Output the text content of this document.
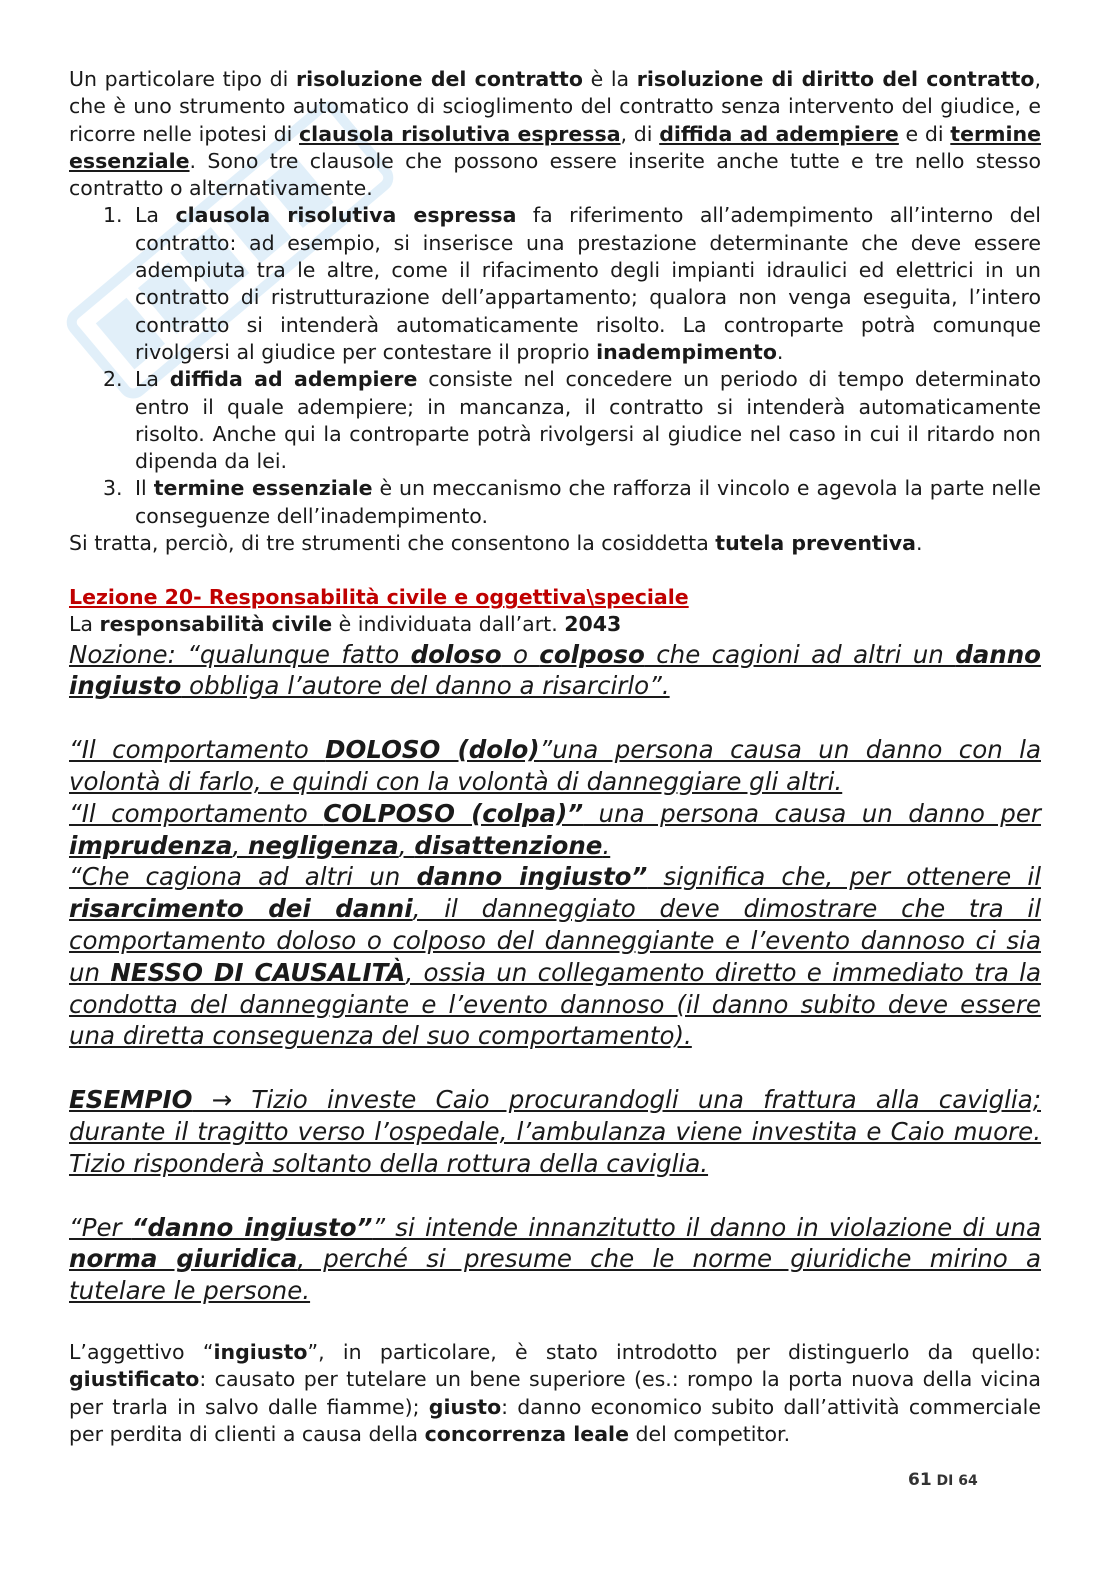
Un particolare tipo di risoluzione del contratto è la risoluzione di diritto del contratto, che è uno strumento automatico di scioglimento del contratto senza intervento del giudice, e ricorre nelle ipotesi di clausola risolutiva espressa, di diffida ad adempiere e di termine essenziale. Sono tre clausole che possono essere inserite anche tutte e tre nello stesso contratto o alternativamente.

1. La clausola risolutiva espressa fa riferimento all’adempimento all’interno del contratto: ad esempio, si inserisce una prestazione determinante che deve essere adempiuta tra le altre, come il rifacimento degli impianti idraulici ed elettrici in un contratto di ristrutturazione dell’appartamento; qualora non venga eseguita, l’intero contratto si intenderà automaticamente risolto. La controparte potrà comunque rivolgersi al giudice per contestare il proprio inadempimento.
2. La diffida ad adempiere consiste nel concedere un periodo di tempo determinato entro il quale adempiere; in mancanza, il contratto si intenderà automaticamente risolto. Anche qui la controparte potrà rivolgersi al giudice nel caso in cui il ritardo non dipenda da lei.
3. Il termine essenziale è un meccanismo che rafforza il vincolo e agevola la parte nelle conseguenze dell’inadempimento.

Si tratta, perciò, di tre strumenti che consentono la cosiddetta tutela preventiva.

Lezione 20- Responsabilità civile e oggettiva\speciale

La responsabilità civile è individuata dall’art. 2043

Nozione: “qualunque fatto doloso o colposo che cagioni ad altri un danno ingiusto obbliga l’autore del danno a risarcirlo”.

“Il comportamento DOLOSO (dolo)”una persona causa un danno con la volontà di farlo, e quindi con la volontà di danneggiare gli altri.

“Il comportamento COLPOSO (colpa)” una persona causa un danno per imprudenza, negligenza, disattenzione.

“Che cagiona ad altri un danno ingiusto” significa che, per ottenere il risarcimento dei danni, il danneggiato deve dimostrare che tra il comportamento doloso o colposo del danneggiante e l’evento dannoso ci sia un NESSO DI CAUSALITÀ, ossia un collegamento diretto e immediato tra la condotta del danneggiante e l’evento dannoso (il danno subito deve essere una diretta conseguenza del suo comportamento).

ESEMPIO → Tizio investe Caio procurandogli una frattura alla caviglia; durante il tragitto verso l’ospedale, l’ambulanza viene investita e Caio muore. Tizio risponderà soltanto della rottura della caviglia.

“Per “danno ingiusto”” si intende innanzitutto il danno in violazione di una norma giuridica, perché si presume che le norme giuridiche mirino a tutelare le persone.

L’aggettivo “ingiusto”, in particolare, è stato introdotto per distinguerlo da quello: giustificato: causato per tutelare un bene superiore (es.: rompo la porta nuova della vicina per trarla in salvo dalle fiamme); giusto: danno economico subito dall’attività commerciale per perdita di clienti a causa della concorrenza leale del competitor.

61 DI 64
